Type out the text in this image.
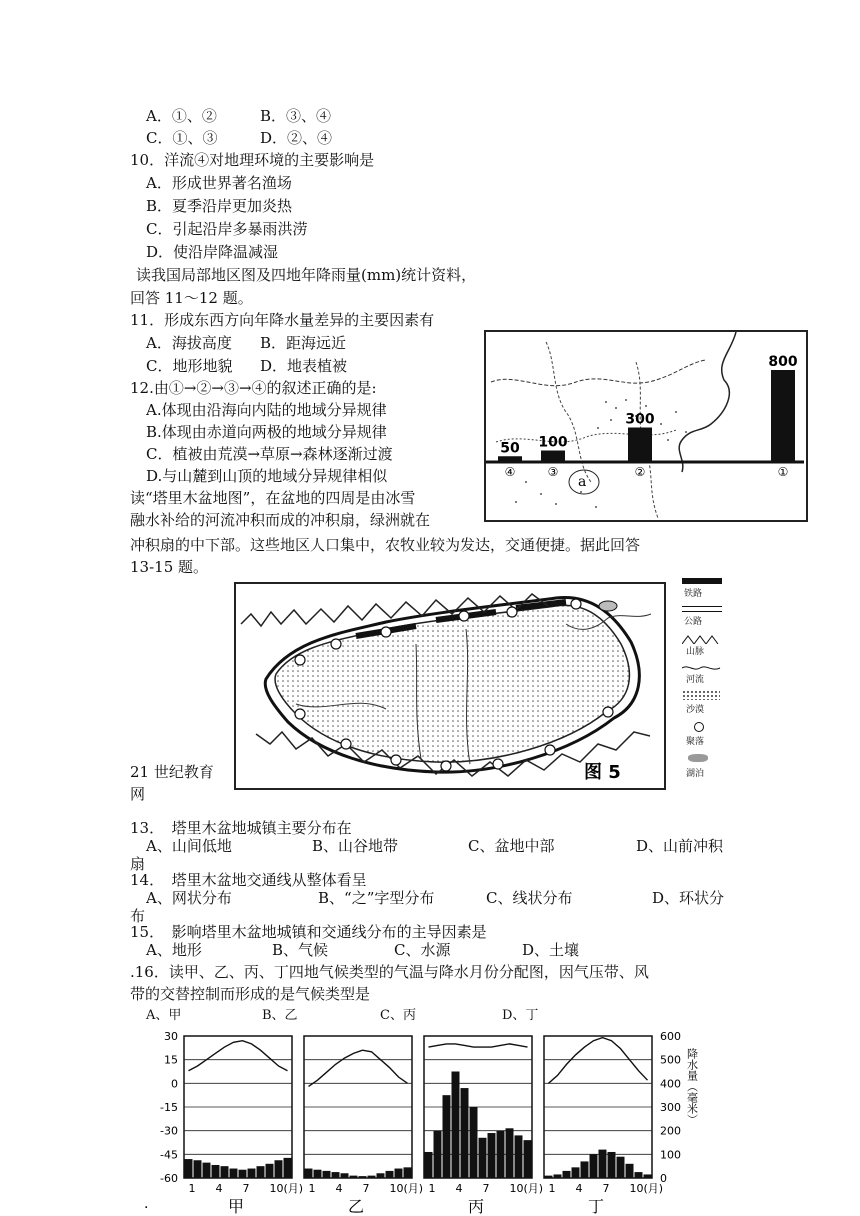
A．①、②	B．③、④
C．①、③	D．②、④
10．洋流④对地理环境的主要影响是
A．形成世界著名渔场
B．夏季沿岸更加炎热
C．引起沿岸多暴雨洪涝
D．使沿岸降温减湿
读我国局部地区图及四地年降雨量(mm)统计资料，
回答 11～12 题。
11．形成东西方向年降水量差异的主要因素有
A．海拔高度 B．距海远近
C．地形地貌 D．地表植被
12.由①→②→③→④的叙述正确的是:
A.体现由沿海向内陆的地域分异规律
B.体现由赤道向两极的地域分异规律
C．植被由荒漠→草原→森林逐渐过渡
D.与山麓到山顶的地域分异规律相似
读“塔里木盆地图”，在盆地的四周是由冰雪
融水补给的河流冲积而成的冲积扇，绿洲就在
冲积扇的中下部。这些地区人口集中，农牧业较为发达，交通便捷。据此回答
13-15 题。
50
④
100
③
300
②
800
①
a
图 5
铁路
公路
山脉
河流
沙漠
聚落
湖泊
21 世纪教育
网
13．　塔里木盆地城镇主要分布在
A、山间低地	B、山谷地带	C、盆地中部	D、山前冲积
扇
14．　塔里木盆地交通线从整体看呈
A、网状分布	B、“之”字型分布	C、线状分布	D、环状分
布
15．　影响塔里木盆地城镇和交通线分布的主导因素是
A、地形	B、气候	C、水源	D、土壤
.16．读甲、乙、丙、丁四地气候类型的气温与降水月份分配图，因气压带、风
带的交替控制而形成的是气候类型是
A、甲	B、乙	C、丙	D、丁
30
15
0
-15
-30
-45
-60
600
500
400
300
200
100
0
降水量（毫米）
1 4 7 10(月)
甲
1 4 7 10(月)
乙
1 4 7 10(月)
丙
1 4 7 10(月)
丁
·
